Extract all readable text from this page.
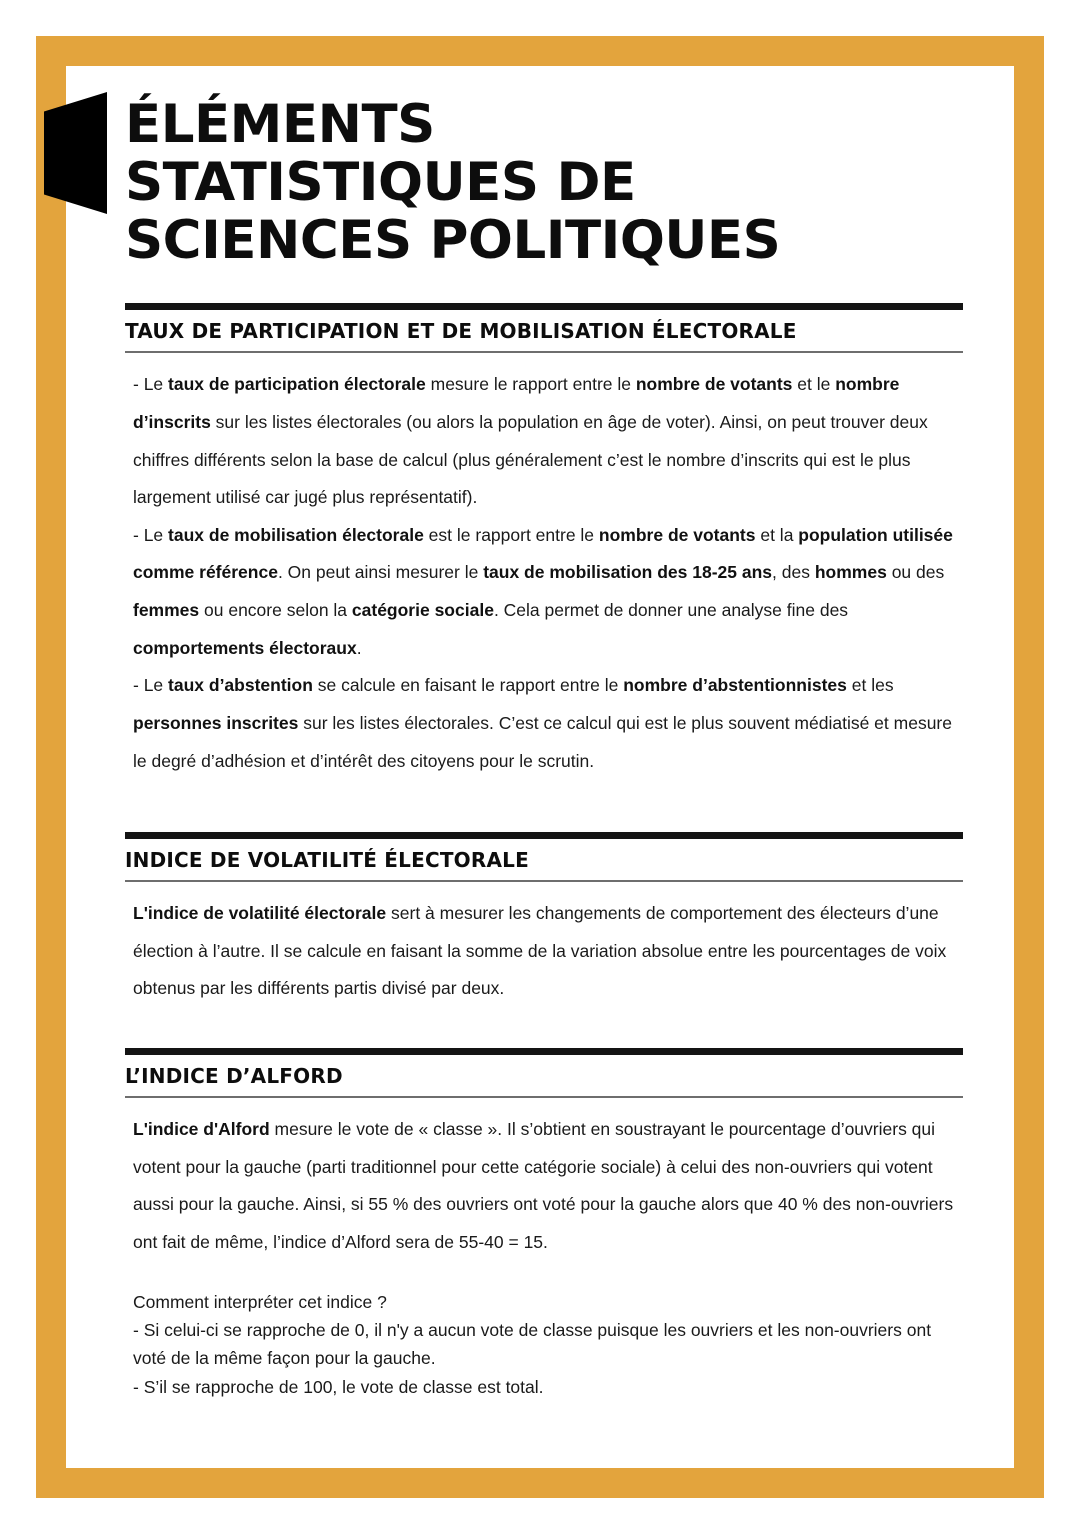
ÉLÉMENTS
STATISTIQUES DE
SCIENCES POLITIQUES
TAUX DE PARTICIPATION ET DE MOBILISATION ÉLECTORALE

- Le taux de participation électorale mesure le rapport entre le nombre de votants et le nombre d’inscrits sur les listes électorales (ou alors la population en âge de voter). Ainsi, on peut trouver deux chiffres différents selon la base de calcul (plus généralement c’est le nombre d’inscrits qui est le plus largement utilisé car jugé plus représentatif).

- Le taux de mobilisation électorale est le rapport entre le nombre de votants et la population utilisée comme référence. On peut ainsi mesurer le taux de mobilisation des 18-25 ans, des hommes ou des femmes ou encore selon la catégorie sociale. Cela permet de donner une analyse fine des comportements électoraux.

- Le taux d’abstention se calcule en faisant le rapport entre le nombre d’abstentionnistes et les personnes inscrites sur les listes électorales. C’est ce calcul qui est le plus souvent médiatisé et mesure le degré d’adhésion et d’intérêt des citoyens pour le scrutin.

INDICE DE VOLATILITÉ ÉLECTORALE

L'indice de volatilité électorale sert à mesurer les changements de comportement des électeurs d’une élection à l’autre. Il se calcule en faisant la somme de la variation absolue entre les pourcentages de voix obtenus par les différents partis divisé par deux.

L’INDICE D’ALFORD

L'indice d'Alford mesure le vote de « classe ». Il s’obtient en soustrayant le pourcentage d’ouvriers qui votent pour la gauche (parti traditionnel pour cette catégorie sociale) à celui des non-ouvriers qui votent aussi pour la gauche. Ainsi, si 55 % des ouvriers ont voté pour la gauche alors que 40 % des non-ouvriers ont fait de même, l’indice d’Alford sera de 55-40 = 15.

Comment interpréter cet indice ?

- Si celui-ci se rapproche de 0, il n'y a aucun vote de classe puisque les ouvriers et les non-ouvriers ont voté de la même façon pour la gauche.

- S’il se rapproche de 100, le vote de classe est total.
